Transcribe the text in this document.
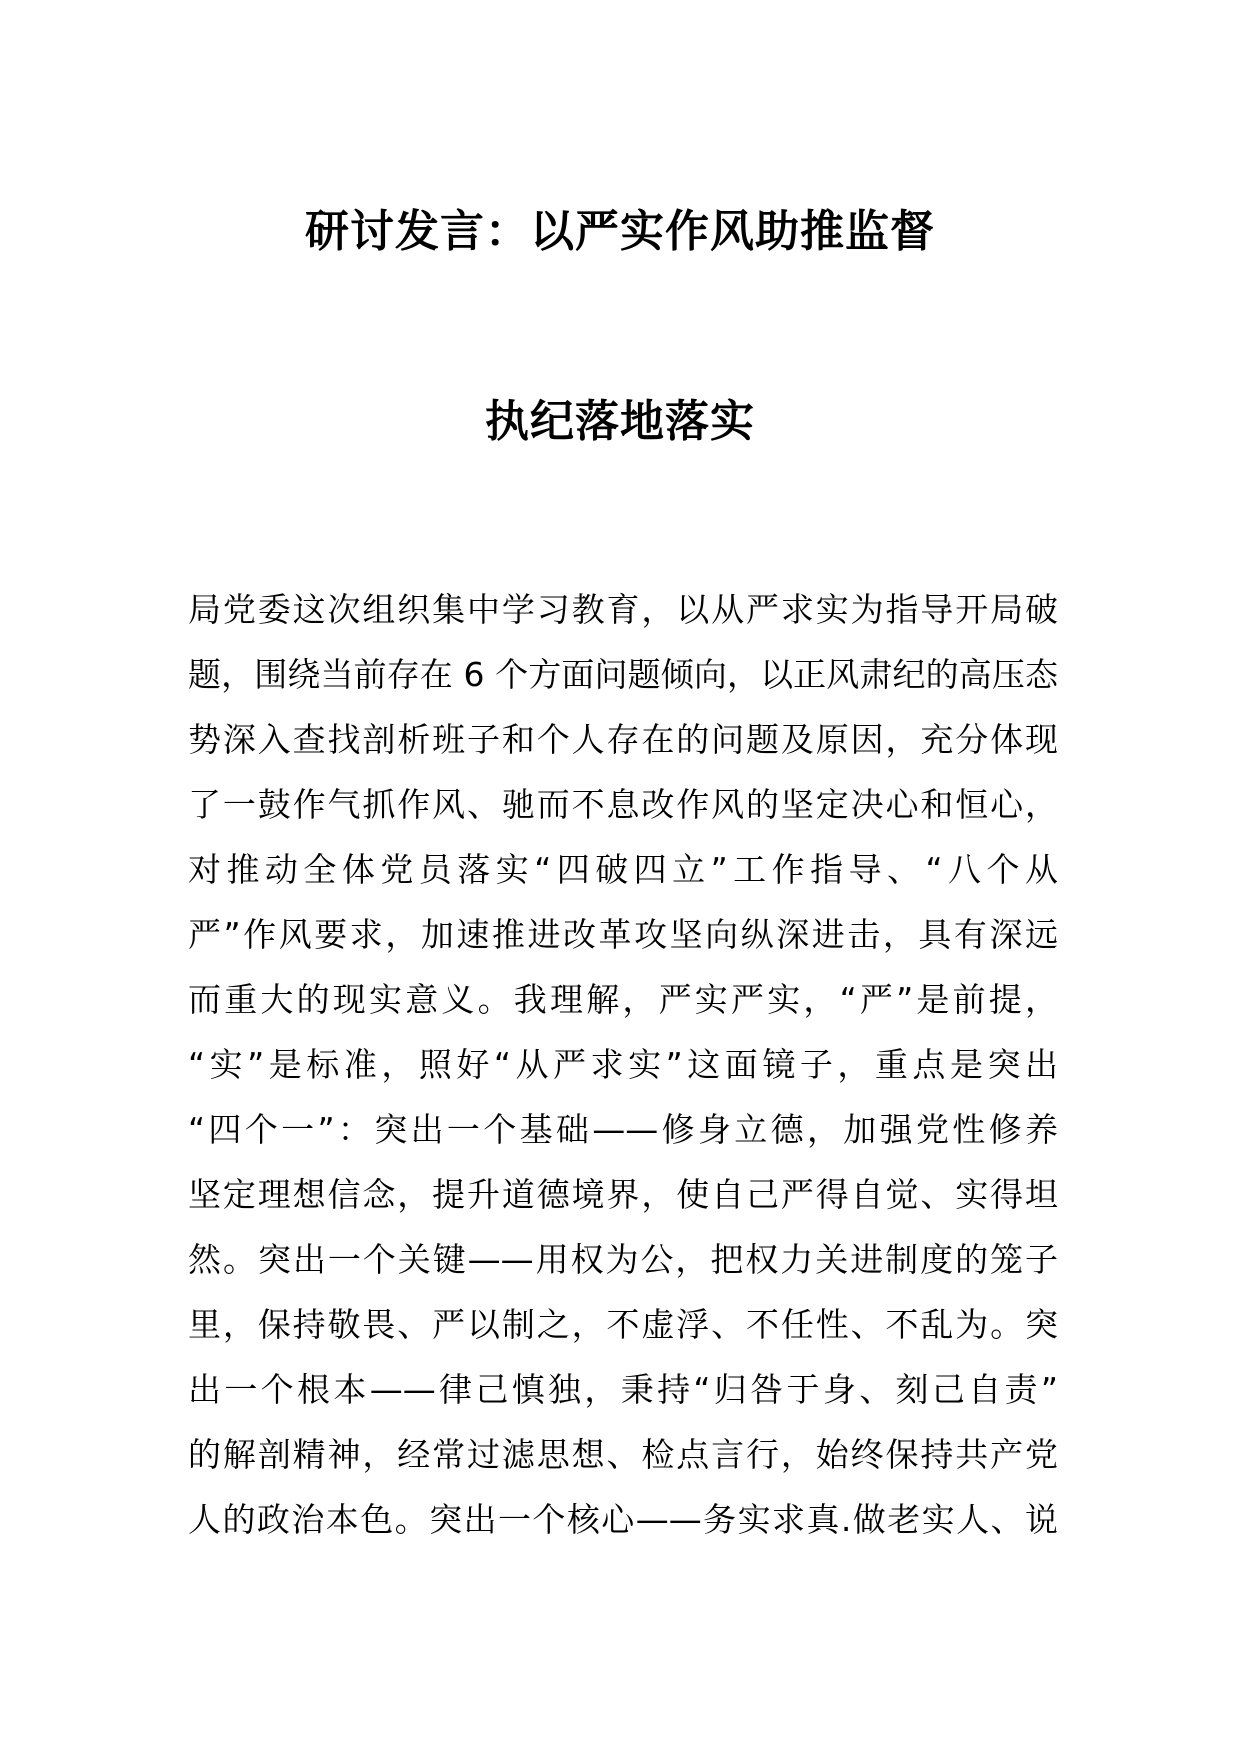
研讨发言：以严实作风助推监督
执纪落地落实
局党委这次组织集中学习教育，以从严求实为指导开局破
题，围绕当前存在 6 个方面问题倾向，以正风肃纪的高压态
势深入查找剖析班子和个人存在的问题及原因，充分体现
了一鼓作气抓作风、驰而不息改作风的坚定决心和恒心，
对推动全体党员落实“四破四立”工作指导、“八个从
严”作风要求，加速推进改革攻坚向纵深进击，具有深远
而重大的现实意义。我理解，严实严实，“严”是前提，
“实”是标准，照好“从严求实”这面镜子，重点是突出
“四个一”：突出一个基础——修身立德，加强党性修养
坚定理想信念，提升道德境界，使自己严得自觉、实得坦
然。突出一个关键——用权为公，把权力关进制度的笼子
里，保持敬畏、严以制之，不虚浮、不任性、不乱为。突
出一个根本——律己慎独，秉持“归咎于身、刻己自责”
的解剖精神，经常过滤思想、检点言行，始终保持共产党
人的政治本色。突出一个核心——务实求真.做老实人、说
